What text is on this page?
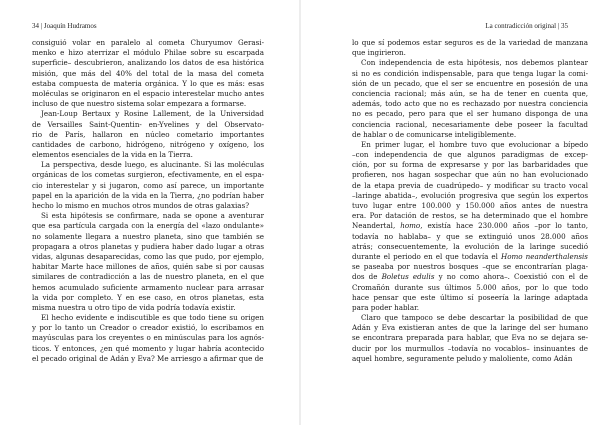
34 | Joaquín Hudramos
consiguió volar en paralelo al cometa Churyumov Gerasi-
menko e hizo aterrizar el módulo Philae sobre su escarpada
superficie– descubrieron, analizando los datos de esa histórica
misión, que más del 40% del total de la masa del cometa
estaba compuesta de materia orgánica. Y lo que es más: esas
moléculas se originaron en el espacio interestelar mucho antes
incluso de que nuestro sistema solar empezara a formarse.
Jean-Loup Bertaux y Rosine Lallement, de la Universidad
de Versailles Saint-Quentin- en-Yvelines y del Observato-
rio de París, hallaron en núcleo cometario importantes
cantidades de carbono, hidrógeno, nitrógeno y oxígeno, los
elementos esenciales de la vida en la Tierra.
La perspectiva, desde luego, es alucinante. Si las moléculas
orgánicas de los cometas surgieron, efectivamente, en el espa-
cio interestelar y si jugaron, como así parece, un importante
papel en la aparición de la vida en la Tierra, ¿no podrían haber
hecho lo mismo en muchos otros mundos de otras galaxias?
Si esta hipótesis se confirmare, nada se opone a aventurar
que esa partícula cargada con la energía del «lazo ondulante»
no solamente llegara a nuestro planeta, sino que también se
propagara a otros planetas y pudiera haber dado lugar a otras
vidas, algunas desaparecidas, como las que pudo, por ejemplo,
habitar Marte hace millones de años, quién sabe si por causas
similares de contradicción a las de nuestro planeta, en el que
hemos acumulado suficiente armamento nuclear para arrasar
la vida por completo. Y en ese caso, en otros planetas, esta
misma nuestra u otro tipo de vida podría todavía existir.
El hecho evidente e indiscutible es que todo tiene su origen
y por lo tanto un Creador o creador existió, lo escribamos en
mayúsculas para los creyentes o en minúsculas para los agnós-
ticos. Y entonces, ¿en qué momento y lugar habría acontecido
el pecado original de Adán y Eva? Me arriesgo a afirmar que de
La contradicción original | 35
lo que sí podemos estar seguros es de la variedad de manzana
que ingirieron.
Con independencia de esta hipótesis, nos debemos plantear
si no es condición indispensable, para que tenga lugar la comi-
sión de un pecado, que el ser se encuentre en posesión de una
conciencia racional; más aún, se ha de tener en cuenta que,
además, todo acto que no es rechazado por nuestra conciencia
no es pecado, pero para que el ser humano disponga de una
conciencia racional, necesariamente debe poseer la facultad
de hablar o de comunicarse inteligiblemente.
En primer lugar, el hombre tuvo que evolucionar a bípedo
–con independencia de que algunos paradigmas de excep-
ción, por su forma de expresarse y por las barbaridades que
profieren, nos hagan sospechar que aún no han evolucionado
de la etapa previa de cuadrúpedo– y modificar su tracto vocal
–laringe abatida–, evolución progresiva que según los expertos
tuvo lugar entre 100.000 y 150.000 años antes de nuestra
era. Por datación de restos, se ha determinado que el hombre
Neandertal, homo, existía hace 230.000 años –por lo tanto,
todavía no hablaba– y que se extinguió unos 28.000 años
atrás; consecuentemente, la evolución de la laringe sucedió
durante el periodo en el que todavía el Homo neanderthalensis
se paseaba por nuestros bosques –que se encontrarían plaga-
dos de Boletus edulis y no como ahora–. Coexistió con el de
Cromañón durante sus últimos 5.000 años, por lo que todo
hace pensar que este último sí poseería la laringe adaptada
para poder hablar.
Claro que tampoco se debe descartar la posibilidad de que
Adán y Eva existieran antes de que la laringe del ser humano
se encontrara preparada para hablar, que Eva no se dejara se-
ducir por los murmullos –todavía no vocablos– insinuantes de
aquel hombre, seguramente peludo y maloliente, como Adán
